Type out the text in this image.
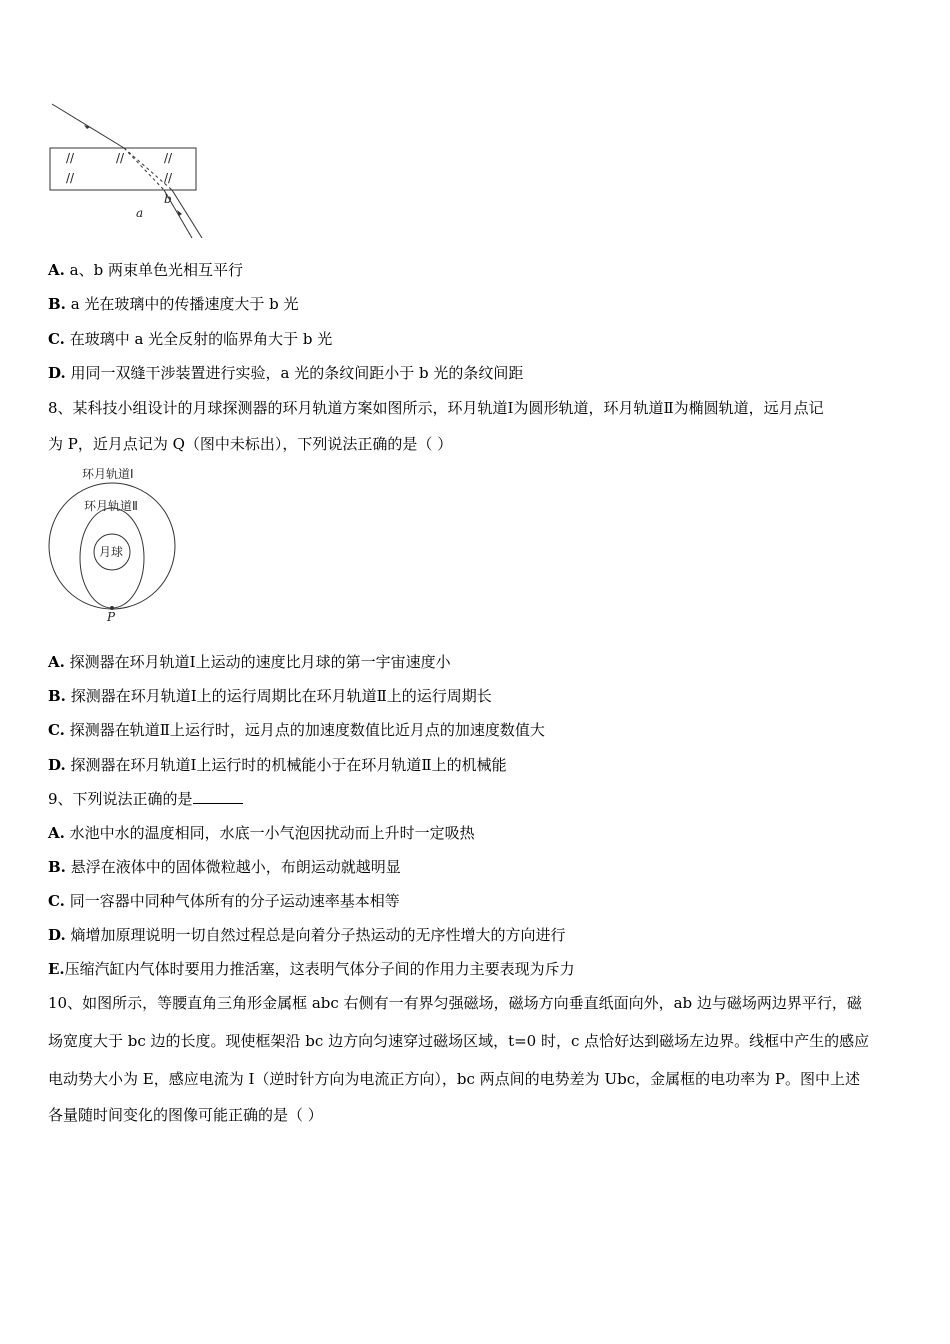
//	//	//
//	//
a
b
A. a、b 两束单色光相互平行
B. a 光在玻璃中的传播速度大于 b 光
C. 在玻璃中 a 光全反射的临界角大于 b 光
D. 用同一双缝干涉装置进行实验，a 光的条纹间距小于 b 光的条纹间距
8、某科技小组设计的月球探测器的环月轨道方案如图所示，环月轨道Ⅰ为圆形轨道，环月轨道Ⅱ为椭圆轨道，远月点记
为 P，近月点记为 Q（图中未标出），下列说法正确的是（ ）
环月轨道Ⅰ
环月轨道Ⅱ
月球
P
A. 探测器在环月轨道Ⅰ上运动的速度比月球的第一宇宙速度小
B. 探测器在环月轨道Ⅰ上的运行周期比在环月轨道Ⅱ上的运行周期长
C. 探测器在轨道Ⅱ上运行时，远月点的加速度数值比近月点的加速度数值大
D. 探测器在环月轨道Ⅰ上运行时的机械能小于在环月轨道Ⅱ上的机械能
9、下列说法正确的是
A. 水池中水的温度相同，水底一小气泡因扰动而上升时一定吸热
B. 悬浮在液体中的固体微粒越小，布朗运动就越明显
C. 同一容器中同种气体所有的分子运动速率基本相等
D. 熵增加原理说明一切自然过程总是向着分子热运动的无序性增大的方向进行
E.压缩汽缸内气体时要用力推活塞，这表明气体分子间的作用力主要表现为斥力
10、如图所示，等腰直角三角形金属框 abc 右侧有一有界匀强磁场，磁场方向垂直纸面向外，ab 边与磁场两边界平行，磁
场宽度大于 bc 边的长度。现使框架沿 bc 边方向匀速穿过磁场区域，t=0 时，c 点恰好达到磁场左边界。线框中产生的感应
电动势大小为 E，感应电流为 I（逆时针方向为电流正方向），bc 两点间的电势差为 Ubc，金属框的电功率为 P。图中上述
各量随时间变化的图像可能正确的是（ ）
